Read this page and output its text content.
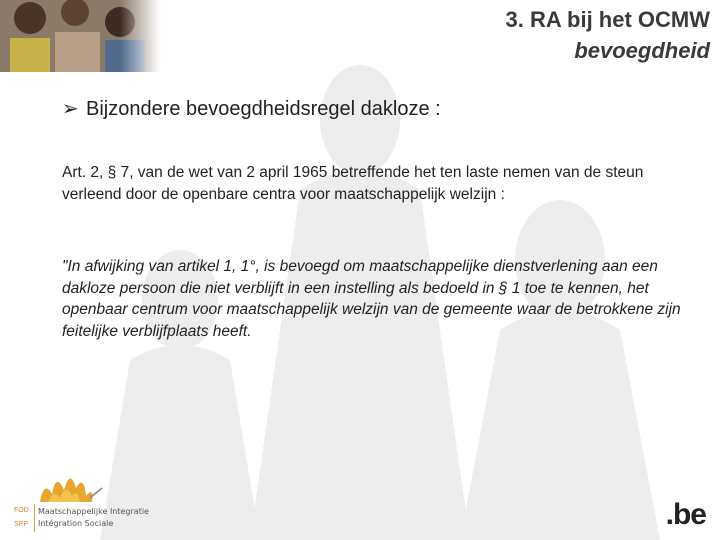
3. RA bij het OCMW
bevoegdheid
➢ Bijzondere bevoegdheidsregel dakloze :
Art. 2, § 7, van de wet van 2 april 1965 betreffende het ten laste nemen van de steun verleend door de openbare centra voor maatschappelijk welzijn :
"In afwijking van artikel 1, 1°, is bevoegd om maatschappelijke dienstverlening aan een dakloze persoon die niet verblijft in een instelling als bedoeld in § 1 toe te kennen, het openbaar centrum voor maatschappelijk welzijn van de gemeente waar de betrokkene zijn feitelijke verblijfplaats heeft.
FOD
SPP
Maatschappelijke Integratie
Intégration Sociale	.be
